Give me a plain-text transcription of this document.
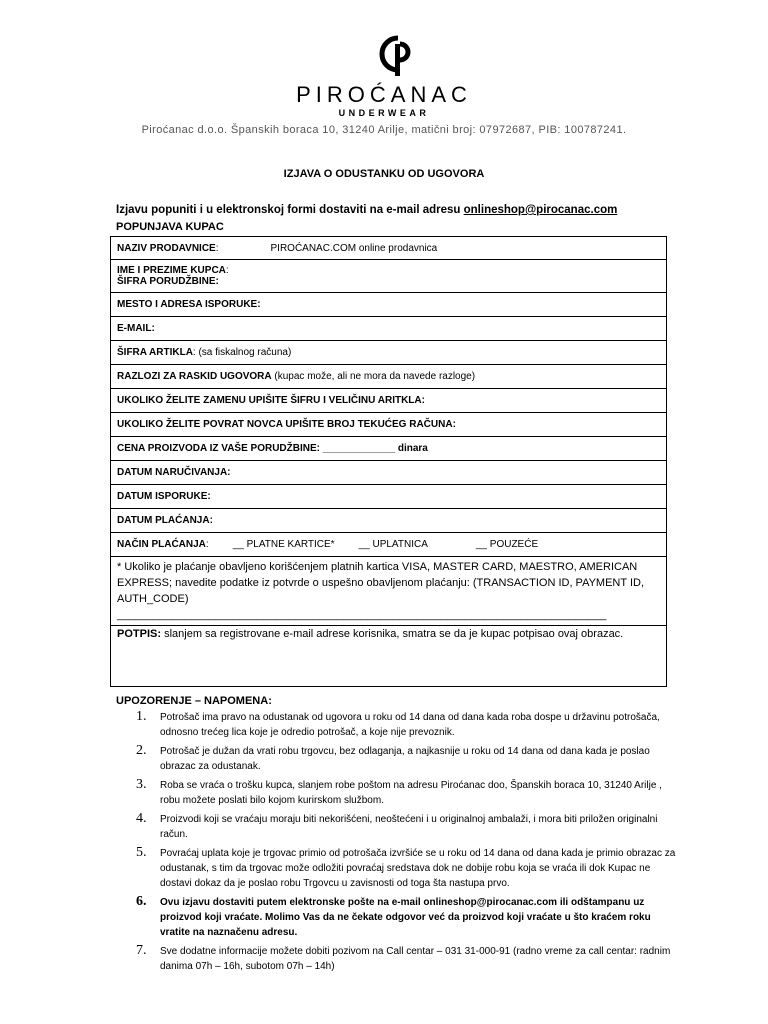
PIROĆANAC
UNDERWEAR
Piroćanac d.o.o. Španskih boraca 10, 31240 Arilje, matični broj: 07972687, PIB: 100787241.
IZJAVA O ODUSTANKU OD UGOVORA
Izjavu popuniti i u elektronskoj formi dostaviti na e-mail adresu onlineshop@pirocanac.com
POPUNJAVA KUPAC
NAZIV PRODAVNICE:	PIROĆANAC.COM online prodavnica
IME I PREZIME KUPCA:
ŠIFRA PORUDŽBINE:
MESTO I ADRESA ISPORUKE:
E-MAIL:
ŠIFRA ARTIKLA: (sa fiskalnog računa)
RAZLOZI ZA RASKID UGOVORA (kupac može, ali ne mora da navede razloge)
UKOLIKO ŽELITE ZAMENU UPIŠITE ŠIFRU I VELIČINU ARITKLA:
UKOLIKO ŽELITE POVRAT NOVCA UPIŠITE BROJ TEKUĆEG RAČUNA:
CENA PROIZVODA IZ VAŠE PORUDŽBINE: _____________ dinara
DATUM NARUČIVANJA:
DATUM ISPORUKE:
DATUM PLAĆANJA:
NAČIN PLAĆANJA: __ PLATNE KARTICE* __ UPLATNICA	__ POUZEĆE
* Ukoliko je plaćanje obavljeno korišćenjem platnih kartica VISA, MASTER CARD, MAESTRO, AMERICAN EXPRESS; navedite podatke iz potvrde o uspešno obavljenom plaćanju: (TRANSACTION ID, PAYMENT ID, AUTH_CODE)
________________________________________________________________________________
POTPIS: slanjem sa registrovane e-mail adrese korisnika, smatra se da je kupac potpisao ovaj obrazac.
UPOZORENJE – NAPOMENA:
1. Potrošač ima pravo na odustanak od ugovora u roku od 14 dana od dana kada roba dospe u državinu potrošača, odnosno trećeg lica koje je odredio potrošač, a koje nije prevoznik.
2. Potrošač je dužan da vrati robu trgovcu, bez odlaganja, a najkasnije u roku od 14 dana od dana kada je poslao obrazac za odustanak.
3. Roba se vraća o trošku kupca, slanjem robe poštom na adresu Piroćanac doo, Španskih boraca 10, 31240 Arilje , robu možete poslati bilo kojom kurirskom službom.
4. Proizvodi koji se vraćaju moraju biti nekorišćeni, neoštećeni i u originalnoj ambalaži, i mora biti priložen originalni račun.
5. Povraćaj uplata koje je trgovac primio od potrošača izvršiće se u roku od 14 dana od dana kada je primio obrazac za odustanak, s tim da trgovac može odložiti povraćaj sredstava dok ne dobije robu koja se vraća ili dok Kupac ne dostavi dokaz da je poslao robu Trgovcu u zavisnosti od toga šta nastupa prvo.
6. Ovu izjavu dostaviti putem elektronske pošte na e-mail onlineshop@pirocanac.com ili odštampanu uz proizvod koji vraćate. Molimo Vas da ne čekate odgovor već da proizvod koji vraćate u što kraćem roku vratite na naznačenu adresu.
7. Sve dodatne informacije možete dobiti pozivom na Call centar – 031 31-000-91 (radno vreme za call centar: radnim danima 07h – 16h, subotom 07h – 14h)
